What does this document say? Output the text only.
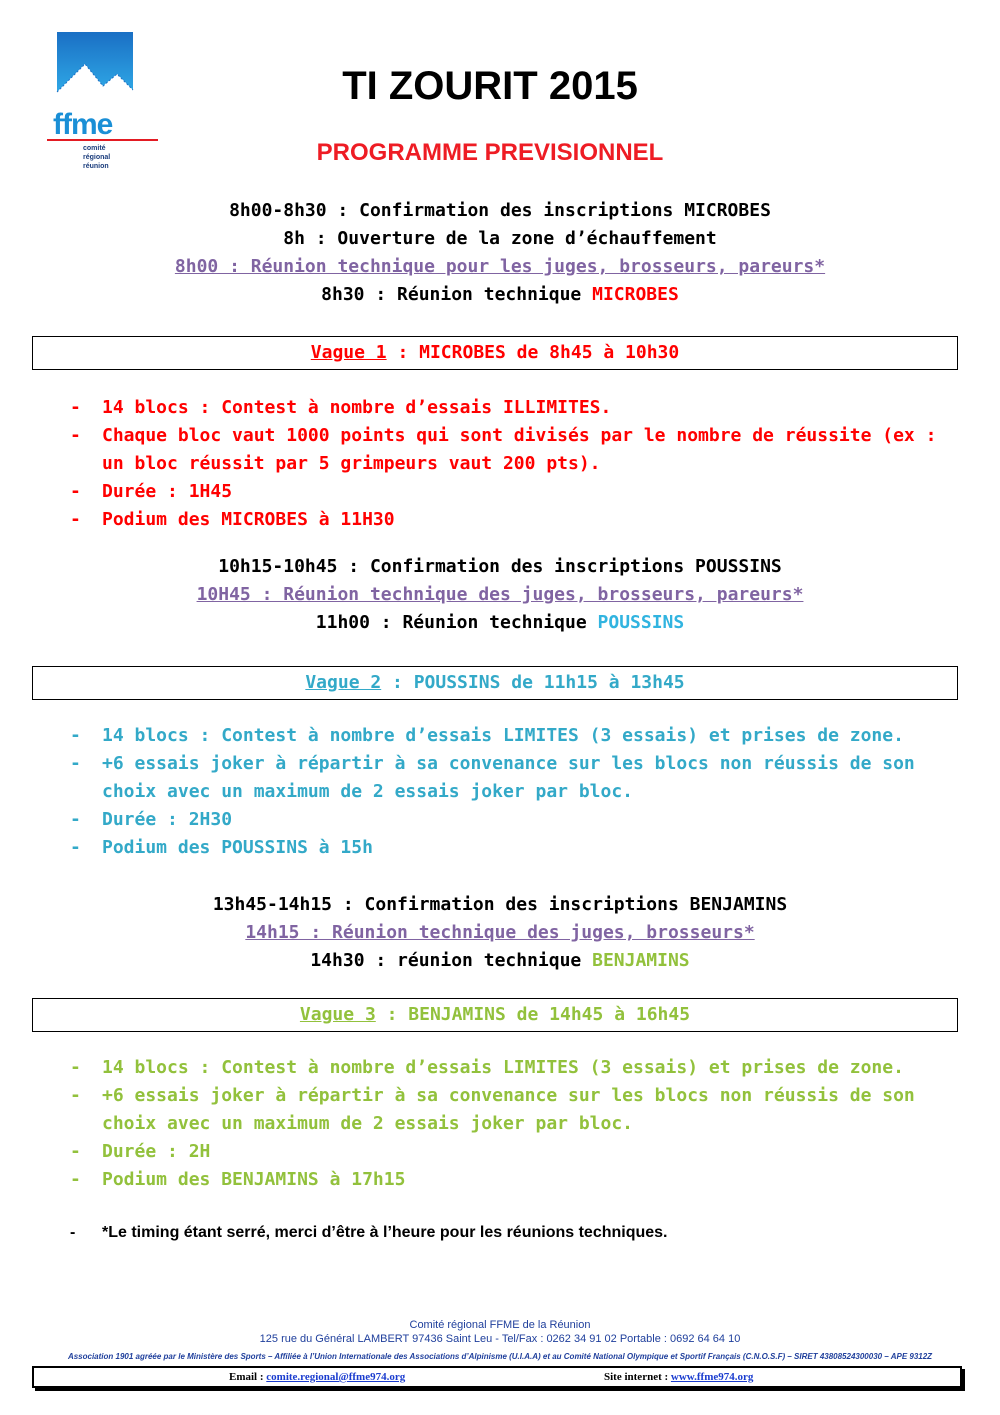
ffme
comité
régional
réunion
TI ZOURIT 2015
PROGRAMME PREVISIONNEL
8h00-8h30 : Confirmation des inscriptions MICROBES
8h : Ouverture de la zone d’échauffement
8h00 : Réunion technique pour les juges, brosseurs, pareurs*
8h30 : Réunion technique MICROBES
Vague 1 : MICROBES de 8h45 à 10h30
- 14 blocs : Contest à nombre d’essais ILLIMITES.
- Chaque bloc vaut 1000 points qui sont divisés par le nombre de réussite (ex : un bloc réussit par 5 grimpeurs vaut 200 pts).
- Durée : 1H45
- Podium des MICROBES à 11H30
10h15-10h45 : Confirmation des inscriptions POUSSINS
10H45 : Réunion technique des juges, brosseurs, pareurs*
11h00 : Réunion technique POUSSINS
Vague 2 : POUSSINS de 11h15 à 13h45
- 14 blocs : Contest à nombre d’essais LIMITES (3 essais) et prises de zone.
- +6 essais joker à répartir à sa convenance sur les blocs non réussis de son choix avec un maximum de 2 essais joker par bloc.
- Durée : 2H30
- Podium des POUSSINS à 15h
13h45-14h15 : Confirmation des inscriptions BENJAMINS
14h15 : Réunion technique des juges, brosseurs*
14h30 : réunion technique BENJAMINS
Vague 3 : BENJAMINS de 14h45 à 16h45
- 14 blocs : Contest à nombre d’essais LIMITES (3 essais) et prises de zone.
- +6 essais joker à répartir à sa convenance sur les blocs non réussis de son choix avec un maximum de 2 essais joker par bloc.
- Durée : 2H
- Podium des BENJAMINS à 17h15
- *Le timing étant serré, merci d’être à l’heure pour les réunions techniques.
Comité régional FFME de la Réunion
125 rue du Général LAMBERT 97436 Saint Leu - Tel/Fax : 0262 34 91 02 Portable : 0692 64 64 10
Association 1901 agréée par le Ministère des Sports – Affiliée à l’Union Internationale des Associations d’Alpinisme (U.I.A.A) et au Comité National Olympique et Sportif Français (C.N.O.S.F) – SIRET 43808524300030 – APE 9312Z
Email : comite.regional@ffme974.org	Site internet : www.ffme974.org
